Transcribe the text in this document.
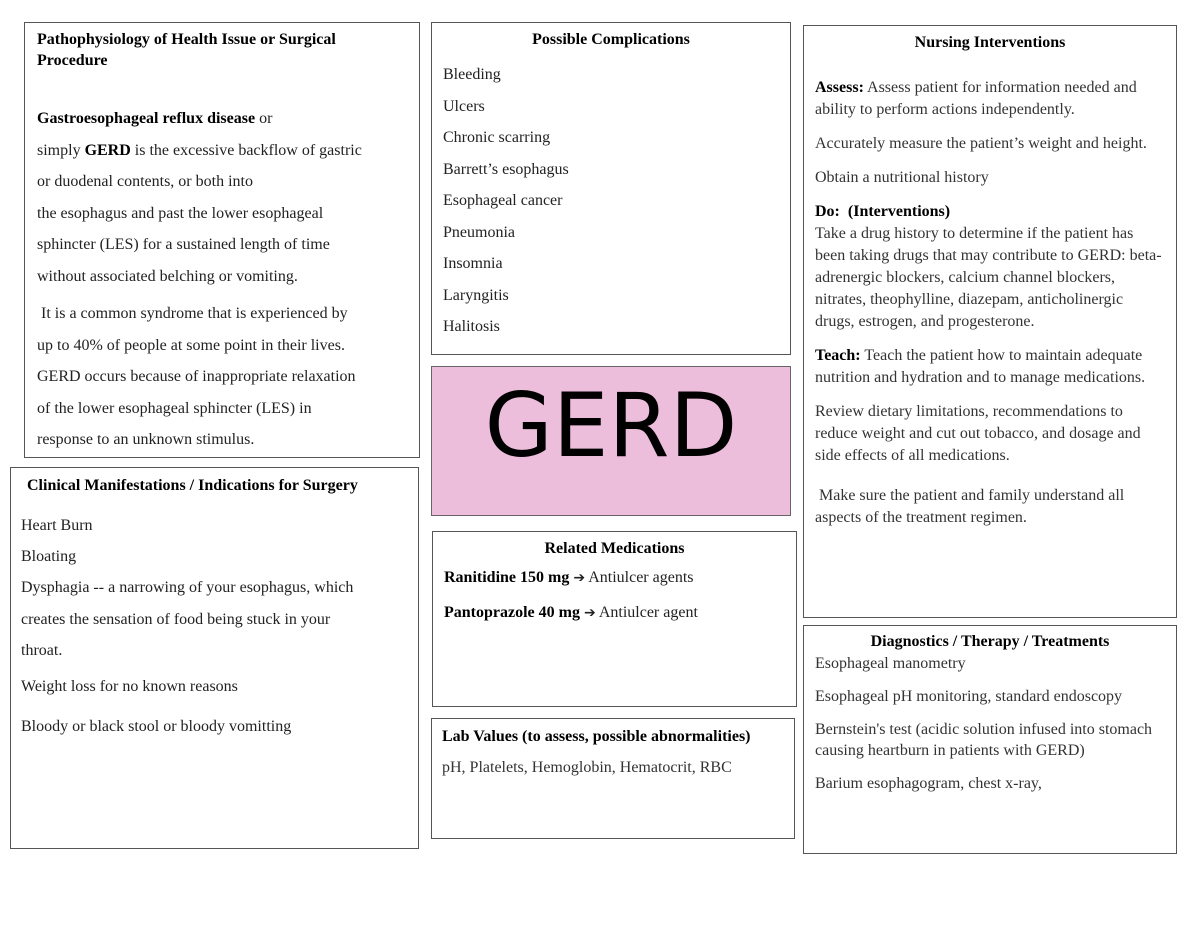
Pathophysiology of Health Issue or Surgical Procedure
Gastroesophageal reflux disease or
simply GERD is the excessive backflow of gastric
or duodenal contents, or both into
the esophagus and past the lower esophageal
sphincter (LES) for a sustained length of time
without associated belching or vomiting.
It is a common syndrome that is experienced by
up to 40% of people at some point in their lives.
GERD occurs because of inappropriate relaxation
of the lower esophageal sphincter (LES) in
response to an unknown stimulus.
Clinical Manifestations / Indications for Surgery
Heart Burn
Bloating
Dysphagia -- a narrowing of your esophagus, which
creates the sensation of food being stuck in your
throat.
Weight loss for no known reasons
Bloody or black stool or bloody vomitting
Possible Complications
Bleeding
Ulcers
Chronic scarring
Barrett’s esophagus
Esophageal cancer
Pneumonia
Insomnia
Laryngitis
Halitosis
GERD
Related Medications
Ranitidine 150 mg ➔ Antiulcer agents
Pantoprazole 40 mg ➔ Antiulcer agent
Lab Values (to assess, possible abnormalities)
pH, Platelets, Hemoglobin, Hematocrit, RBC
Nursing Interventions

Assess: Assess patient for information needed and ability to perform actions independently.

Accurately measure the patient’s weight and height.

Obtain a nutritional history

Do:  (Interventions)

Take a drug history to determine if the patient has been taking drugs that may contribute to GERD: beta-adrenergic blockers, calcium channel blockers, nitrates, theophylline, diazepam, anticholinergic drugs, estrogen, and progesterone.

Teach: Teach the patient how to maintain adequate nutrition and hydration and to manage medications.

Review dietary limitations, recommendations to reduce weight and cut out tobacco, and dosage and side effects of all medications.

Make sure the patient and family understand all aspects of the treatment regimen.

Diagnostics / Therapy / Treatments

Esophageal manometry

Esophageal pH monitoring, standard endoscopy

Bernstein's test (acidic solution infused into stomach causing heartburn in patients with GERD)

Barium esophagogram, chest x-ray,
